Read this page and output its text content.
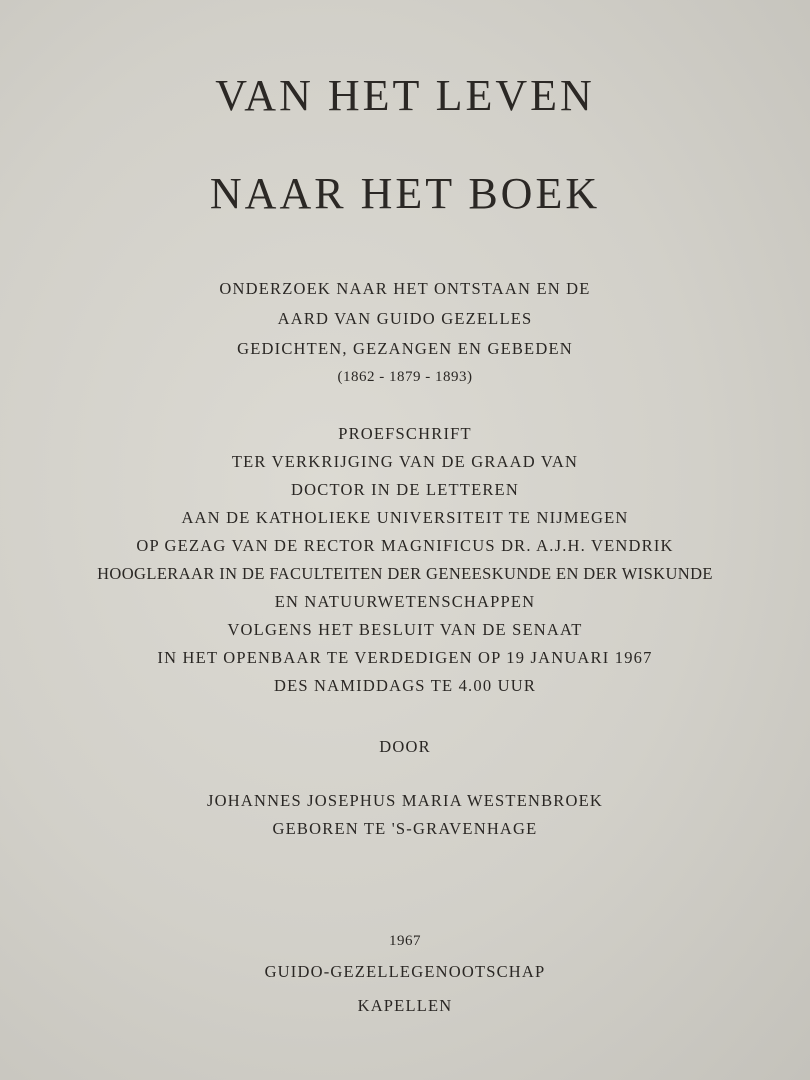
VAN HET LEVEN
NAAR HET BOEK
ONDERZOEK NAAR HET ONTSTAAN EN DE
AARD VAN GUIDO GEZELLES
GEDICHTEN, GEZANGEN EN GEBEDEN
(1862 - 1879 - 1893)
PROEFSCHRIFT
TER VERKRIJGING VAN DE GRAAD VAN
DOCTOR IN DE LETTEREN
AAN DE KATHOLIEKE UNIVERSITEIT TE NIJMEGEN
OP GEZAG VAN DE RECTOR MAGNIFICUS DR. A.J.H. VENDRIK
HOOGLERAAR IN DE FACULTEITEN DER GENEESKUNDE EN DER WISKUNDE
EN NATUURWETENSCHAPPEN
VOLGENS HET BESLUIT VAN DE SENAAT
IN HET OPENBAAR TE VERDEDIGEN OP 19 JANUARI 1967
DES NAMIDDAGS TE 4.00 UUR
DOOR
JOHANNES JOSEPHUS MARIA WESTENBROEK
GEBOREN TE 'S-GRAVENHAGE
1967
GUIDO-GEZELLEGENOOTSCHAP
KAPELLEN
